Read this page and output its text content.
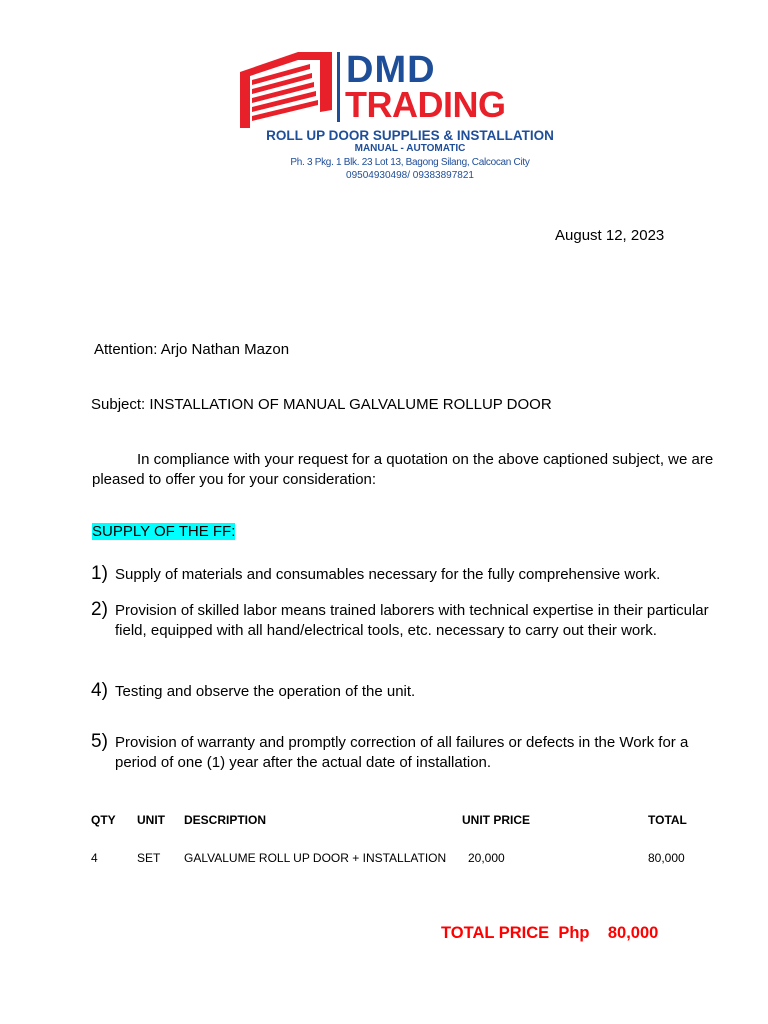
DMD
TRADING
ROLL UP DOOR SUPPLIES & INSTALLATION
MANUAL - AUTOMATIC
Ph. 3 Pkg. 1 Blk. 23 Lot 13, Bagong Silang, Calcocan City
09504930498/ 09383897821
August 12, 2023
Attention: Arjo Nathan Mazon
Subject: INSTALLATION OF MANUAL GALVALUME ROLLUP DOOR
In compliance with your request for a quotation on the above captioned subject, we are pleased to offer you for your consideration:
SUPPLY OF THE FF:
1) Supply of materials and consumables necessary for the fully comprehensive work.
2) Provision of skilled labor means trained laborers with technical expertise in their particular field, equipped with all hand/electrical tools, etc. necessary to carry out their work.
4) Testing and observe the operation of the unit.
5) Provision of warranty and promptly correction of all failures or defects in the Work for a period of one (1) year after the actual date of installation.
QTY UNIT DESCRIPTION	UNIT PRICE	TOTAL
4	SET GALVALUME ROLL UP DOOR + INSTALLATION 20,000	80,000
TOTAL PRICE  Php    80,000
